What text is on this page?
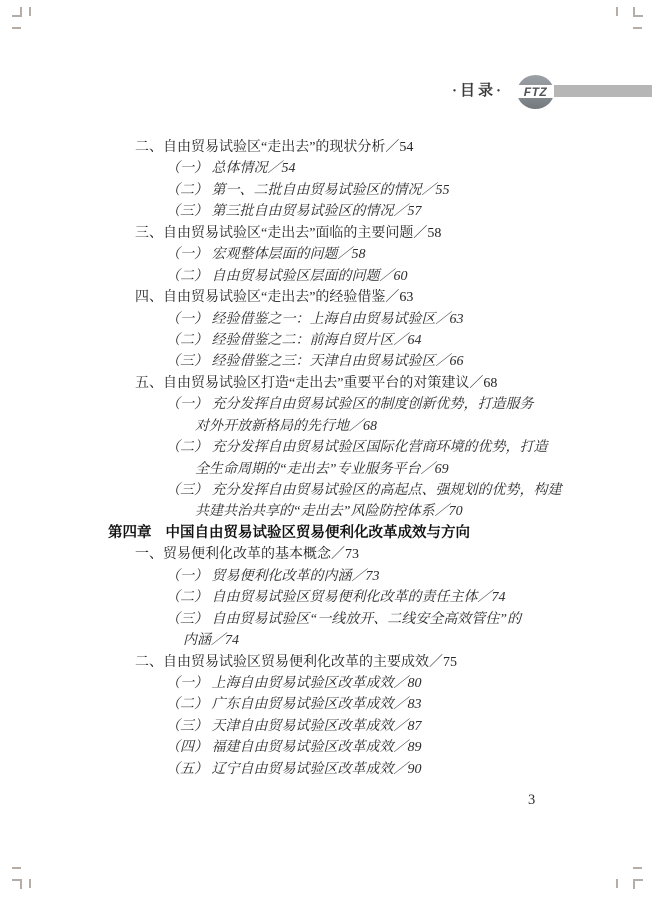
·目录·	FTZ
二、自由贸易试验区“走出去”的现状分析／54
（一） 总体情况／54
（二） 第一、二批自由贸易试验区的情况／55
（三） 第三批自由贸易试验区的情况／57
三、自由贸易试验区“走出去”面临的主要问题／58
（一） 宏观整体层面的问题／58
（二） 自由贸易试验区层面的问题／60
四、自由贸易试验区“走出去”的经验借鉴／63
（一） 经验借鉴之一：上海自由贸易试验区／63
（二） 经验借鉴之二：前海自贸片区／64
（三） 经验借鉴之三：天津自由贸易试验区／66
五、自由贸易试验区打造“走出去”重要平台的对策建议／68
（一） 充分发挥自由贸易试验区的制度创新优势，打造服务
对外开放新格局的先行地／68
（二） 充分发挥自由贸易试验区国际化营商环境的优势，打造
全生命周期的“走出去”专业服务平台／69
（三） 充分发挥自由贸易试验区的高起点、强规划的优势，构建
共建共治共享的“走出去”风险防控体系／70
第四章 中国自由贸易试验区贸易便利化改革成效与方向
一、贸易便利化改革的基本概念／73
（一） 贸易便利化改革的内涵／73
（二） 自由贸易试验区贸易便利化改革的责任主体／74
（三） 自由贸易试验区“一线放开、二线安全高效管住”的
内涵／74
二、自由贸易试验区贸易便利化改革的主要成效／75
（一） 上海自由贸易试验区改革成效／80
（二） 广东自由贸易试验区改革成效／83
（三） 天津自由贸易试验区改革成效／87
（四） 福建自由贸易试验区改革成效／89
（五） 辽宁自由贸易试验区改革成效／90
3
